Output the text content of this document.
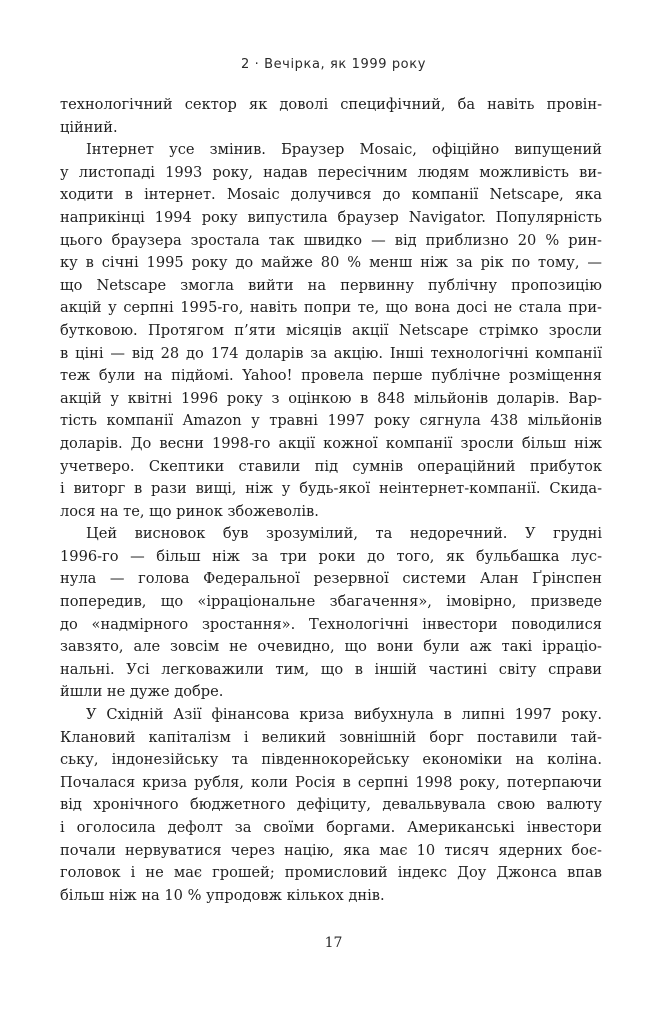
2 · Вечірка, як 1999 року
технологічний сектор як доволі специфічний, ба навіть провін-
ційний.
Інтернет усе змінив. Браузер Mosaic, офіційно випущений
у листопаді 1993 року, надав пересічним людям можливість ви-
ходити в інтернет. Mosaic долучився до компанії Netscape, яка
наприкінці 1994 року випустила браузер Navigator. Популярність
цього браузера зростала так швидко — від приблизно 20 % рин-
ку в січні 1995 року до майже 80 % менш ніж за рік по тому, —
що Netscape змогла вийти на первинну публічну пропозицію
акцій у серпні 1995-го, навіть попри те, що вона досі не стала при-
бутковою. Протягом п’яти місяців акції Netscape стрімко зросли
в ціні — від 28 до 174 доларів за акцію. Інші технологічні компанії
теж були на підйомі. Yahoo! провела перше публічне розміщення
акцій у квітні 1996 року з оцінкою в 848 мільйонів доларів. Вар-
тість компанії Amazon у травні 1997 року сягнула 438 мільйонів
доларів. До весни 1998-го акції кожної компанії зросли більш ніж
учетверо. Скептики ставили під сумнів операційний прибуток
і виторг в рази вищі, ніж у будь-якої неінтернет-компанії. Скида-
лося на те, що ринок збожеволів.
Цей висновок був зрозумілий, та недоречний. У грудні
1996-го — більш ніж за три роки до того, як бульбашка лус-
нула — голова Федеральної резервної системи Алан Ґрінспен
попередив, що «ірраціональне збагачення», імовірно, призведе
до «надмірного зростання». Технологічні інвестори поводилися
завзято, але зовсім не очевидно, що вони були аж такі ірраціо-
нальні. Усі легковажили тим, що в іншій частині світу справи
йшли не дуже добре.
У Східній Азії фінансова криза вибухнула в липні 1997 року.
Клановий капіталізм і великий зовнішній борг поставили тай-
ську, індонезійську та південнокорейську економіки на коліна.
Почалася криза рубля, коли Росія в серпні 1998 року, потерпаючи
від хронічного бюджетного дефіциту, девальвувала свою валюту
і оголосила дефолт за своїми боргами. Американські інвестори
почали нервуватися через націю, яка має 10 тисяч ядерних боє-
головок і не має грошей; промисловий індекс Доу Джонса впав
більш ніж на 10 % упродовж кількох днів.
17
